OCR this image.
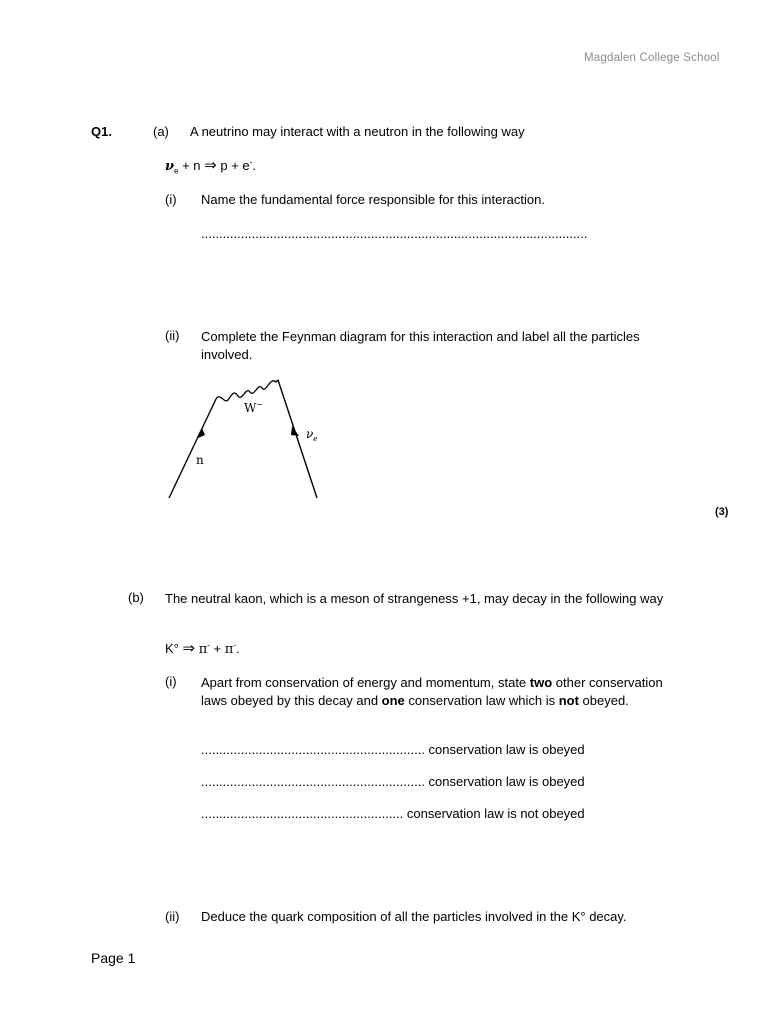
Magdalen College School
Q1.	(a) A neutrino may interact with a neutron in the following way
$\nu_e + n$ ⇒ p + e-.
(i) Name the fundamental force responsible for this interaction.
...........................................................................................................
(ii) Complete the Feynman diagram for this interaction and label all the particles involved.
W−
n
$\nu_e$
(3)
(b) The neutral kaon, which is a meson of strangeness +1, may decay in the following way
K° ⇒ π- + π-.
(i) Apart from conservation of energy and momentum, state two other conservation laws obeyed by this decay and one conservation law which is not obeyed.
.............................................................. conservation law is obeyed
.............................................................. conservation law is obeyed
........................................................ conservation law is not obeyed
(ii) Deduce the quark composition of all the particles involved in the K° decay.
Page 1
